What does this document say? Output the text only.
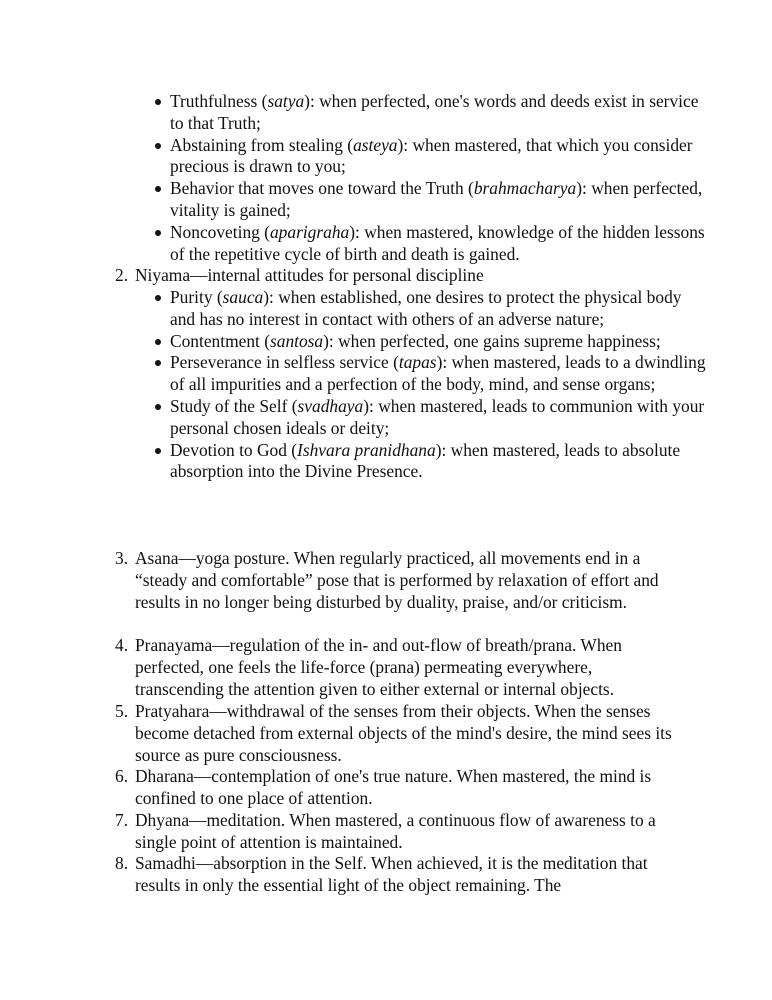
Truthfulness (satya): when perfected, one's words and deeds exist in service to that Truth;
Abstaining from stealing (asteya): when mastered, that which you consider precious is drawn to you;
Behavior that moves one toward the Truth (brahmacharya): when perfected, vitality is gained;
Noncoveting (aparigraha): when mastered, knowledge of the hidden lessons of the repetitive cycle of birth and death is gained.
2. Niyama—internal attitudes for personal discipline
Purity (sauca): when established, one desires to protect the physical body and has no interest in contact with others of an adverse nature;
Contentment (santosa): when perfected, one gains supreme happiness;
Perseverance in selfless service (tapas): when mastered, leads to a dwindling of all impurities and a perfection of the body, mind, and sense organs;
Study of the Self (svadhaya): when mastered, leads to communion with your personal chosen ideals or deity;
Devotion to God (Ishvara pranidhana): when mastered, leads to absolute absorption into the Divine Presence.
3. Asana—yoga posture. When regularly practiced, all movements end in a “steady and comfortable” pose that is performed by relaxation of effort and results in no longer being disturbed by duality, praise, and/or criticism.
4. Pranayama—regulation of the in- and out-flow of breath/prana. When perfected, one feels the life-force (prana) permeating everywhere, transcending the attention given to either external or internal objects.
5. Pratyahara—withdrawal of the senses from their objects. When the senses become detached from external objects of the mind's desire, the mind sees its source as pure consciousness.
6. Dharana—contemplation of one's true nature. When mastered, the mind is confined to one place of attention.
7. Dhyana—meditation. When mastered, a continuous flow of awareness to a single point of attention is maintained.
8. Samadhi—absorption in the Self. When achieved, it is the meditation that results in only the essential light of the object remaining. The
